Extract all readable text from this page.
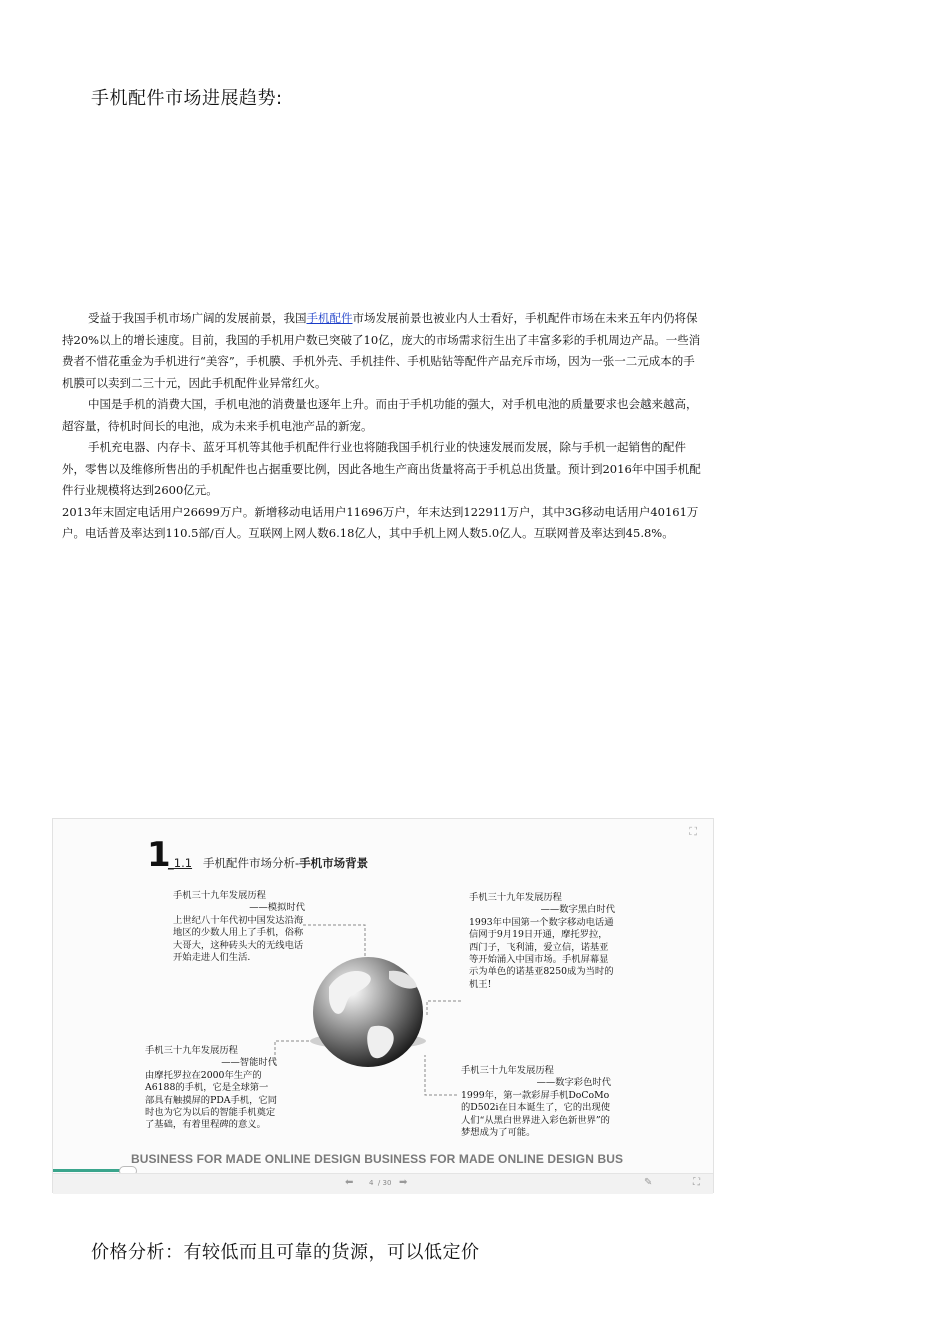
手机配件市场进展趋势:

受益于我国手机市场广阔的发展前景，我国手机配件市场发展前景也被业内人士看好，手机配件市场在未来五年内仍将保持20%以上的增长速度。目前，我国的手机用户数已突破了10亿，庞大的市场需求衍生出了丰富多彩的手机周边产品。一些消费者不惜花重金为手机进行“美容”，手机膜、手机外壳、手机挂件、手机贴钻等配件产品充斥市场，因为一张一二元成本的手机膜可以卖到二三十元，因此手机配件业异常红火。

中国是手机的消费大国，手机电池的消费量也逐年上升。而由于手机功能的强大，对手机电池的质量要求也会越来越高，超容量，待机时间长的电池，成为未来手机电池产品的新宠。

手机充电器、内存卡、蓝牙耳机等其他手机配件行业也将随我国手机行业的快速发展而发展，除与手机一起销售的配件外，零售以及维修所售出的手机配件也占据重要比例，因此各地生产商出货量将高于手机总出货量。预计到2016年中国手机配件行业规模将达到2600亿元。

2013年末固定电话用户26699万户。新增移动电话用户11696万户，年末达到122911万户，其中3G移动电话用户40161万户。电话普及率达到110.5部/百人。互联网上网人数6.18亿人，其中手机上网人数5.0亿人。互联网普及率达到45.8%。

⛶
1
_1.1 手机配件市场分析-手机市场背景
手机三十九年发展历程
——模拟时代
上世纪八十年代初中国发达沿海地区的少数人用上了手机，俗称大哥大，这种砖头大的无线电话开始走进人们生活.
手机三十九年发展历程
——数字黑白时代
1993年中国第一个数字移动电话通信网于9月19日开通，摩托罗拉，西门子，飞利浦，爱立信，诺基亚等开始涌入中国市场。手机屏幕显示为单色的诺基亚8250成为当时的机王!
手机三十九年发展历程
——智能时代
由摩托罗拉在2000年生产的A6188的手机，它是全球第一部具有触摸屏的PDA手机，它同时也为它为以后的智能手机奠定了基础，有着里程碑的意义。
手机三十九年发展历程
——数字彩色时代
1999年，第一款彩屏手机DoCoMo的D502i在日本诞生了，它的出现使人们“从黑白世界进入彩色新世界”的梦想成为了可能。
BUSINESS FOR MADE ONLINE DESIGN BUSINESS FOR MADE ONLINE DESIGN BUS
⬅ 4 / 30 ➡	✎	⛶
价格分析：有较低而且可靠的货源，可以低定价
